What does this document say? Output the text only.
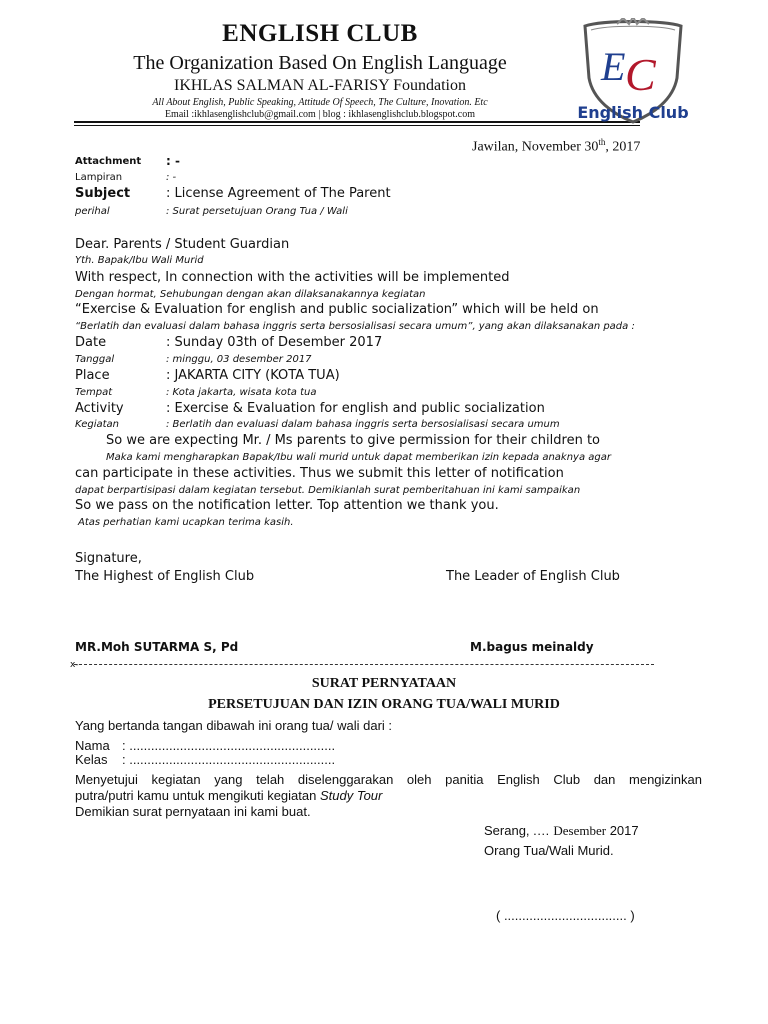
ENGLISH CLUB
The Organization Based On English Language
IKHLAS SALMAN AL-FARISY Foundation
All About English, Public Speaking, Attitude Of Speech, The Culture, Inovation. Etc
Email :ikhlasenglishclub@gmail.com | blog : ikhlasenglishclub.blogspot.com
E C
English Club
Jawilan, November 30th, 2017
Attachment : -
Lampiran	: -
Subject	: License Agreement of The Parent
perihal	: Surat persetujuan Orang Tua / Wali
Dear. Parents / Student Guardian
Yth. Bapak/Ibu Wali Murid
With respect, In connection with the activities will be implemented
Dengan hormat, Sehubungan dengan akan dilaksanakannya kegiatan
“Exercise & Evaluation for english and public socialization” which will be held on
“Berlatih dan evaluasi dalam bahasa inggris serta bersosialisasi secara umum”, yang akan dilaksanakan pada :
Date	: Sunday 03th of Desember 2017
Tanggal	: minggu, 03 desember 2017
Place	: JAKARTA CITY (KOTA TUA)
Tempat	: Kota jakarta, wisata kota tua
Activity	: Exercise & Evaluation for english and public socialization
Kegiatan	: Berlatih dan evaluasi dalam bahasa inggris serta bersosialisasi secara umum
So we are expecting Mr. / Ms parents to give permission for their children to
Maka kami mengharapkan Bapak/Ibu wali murid untuk dapat memberikan izin kepada anaknya agar
can participate in these activities. Thus we submit this letter of notification
dapat berpartisipasi dalam kegiatan tersebut. Demikianlah surat pemberitahuan ini kami sampaikan
So we pass on the notification letter. Top attention we thank you.
Atas perhatian kami ucapkan terima kasih.
Signature,
The Highest of English Club	The Leader of English Club
MR.Moh SUTARMA S, Pd	M.bagus meinaldy
x-
SURAT PERNYATAAN
PERSETUJUAN DAN IZIN ORANG TUA/WALI MURID
Yang bertanda tangan dibawah ini orang tua/ wali dari :
Nama : .........................................................
Kelas : .........................................................
Menyetujui kegiatan yang telah diselenggarakan oleh panitia English Club dan mengizinkan
putra/putri kamu untuk mengikuti kegiatan Study Tour
Demikian surat pernyataan ini kami buat.
Serang, .… Desember 2017
Orang Tua/Wali Murid.
( .................................. )
